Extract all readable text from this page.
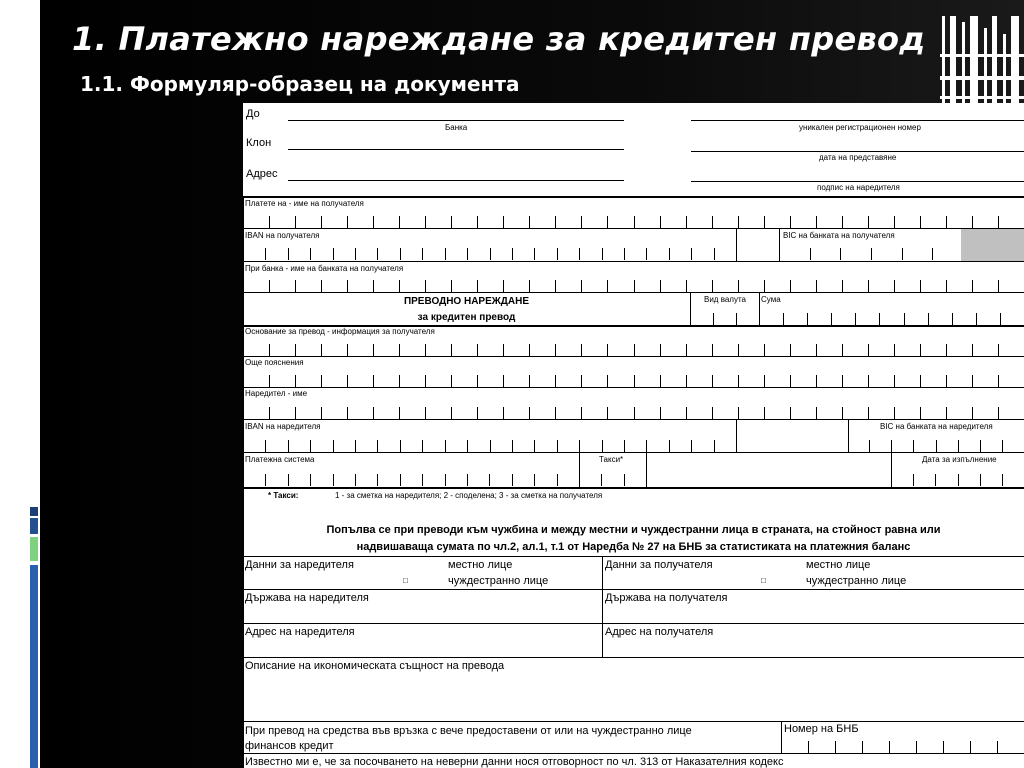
1. Платежно нареждане за кредитен превод
1.1. Формуляр-образец на документа
До
Банка
Клон
Адрес
уникален регистрационен номер
дата на представяне
подпис на наредителя
Платете на - име на получателя
IBAN на получателя	BIC на банката на получателя
При банка - име на банката на получателя
ПРЕВОДНО НАРЕЖДАНЕ
за кредитен превод
Вид валута Сума
Основание за превод - информация за получателя
Още пояснения
Наредител - име
IBAN на наредителя	BIC на банката на наредителя
Платежна система	Такси*	Дата за изпълнение
* Такси:	1 - за сметка на наредителя; 2 - споделена; 3 - за сметка на получателя
Попълва се при преводи към чужбина и между местни и чуждестранни лица в страната, на стойност равна или
надвишаваща сумата по чл.2, ал.1, т.1 от Наредба № 27 на БНБ за статистиката на платежния баланс
Данни за наредителя	местно лице
□	чуждестранно лице
Данни за получателя	местно лице
□	чуждестранно лице
Държава на наредителя	Държава на получателя
Адрес на наредителя	Адрес на получателя
Описание на икономическата същност на превода
При превод на средства във връзка с вече предоставени от или на чуждестранно лице
финансов кредит
Номер на БНБ
Известно ми е, че за посочването на неверни данни нося отговорност по чл. 313 от Наказателния кодекс
